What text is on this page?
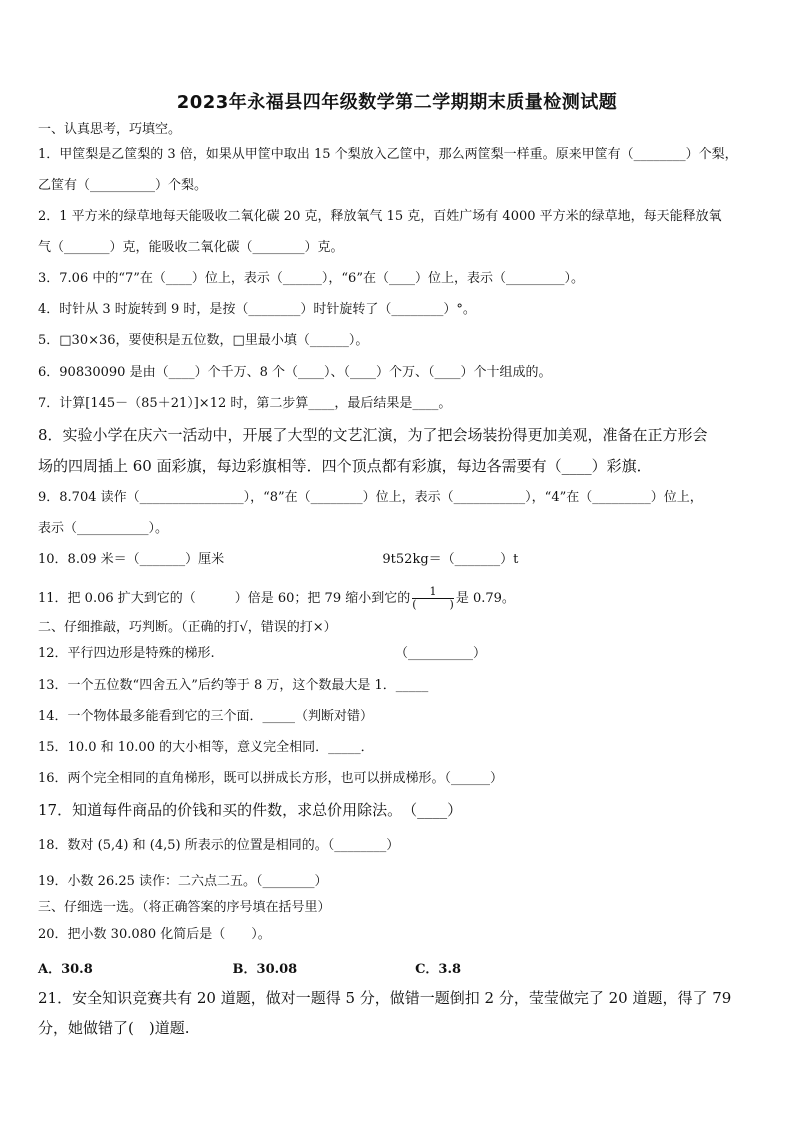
2023年永福县四年级数学第二学期期末质量检测试题
一、认真思考，巧填空。
1．甲筐梨是乙筐梨的 3 倍，如果从甲筐中取出 15 个梨放入乙筐中，那么两筐梨一样重。原来甲筐有（________）个梨，
乙筐有（__________）个梨。
2．1 平方米的绿草地每天能吸收二氧化碳 20 克，释放氧气 15 克，百姓广场有 4000 平方米的绿草地，每天能释放氧
气（_______）克，能吸收二氧化碳（________）克。
3．7.06 中的“7”在（____）位上，表示（______），“6”在（____）位上，表示（_________）。
4．时针从 3 时旋转到 9 时，是按（________）时针旋转了（________）°。
5．□30×36，要使积是五位数，□里最小填（______）。
6．90830090 是由（____）个千万、8 个（____）、（____）个万、（____）个十组成的。
7．计算[145－（85＋21）]×12 时，第二步算____，最后结果是____。
8．实验小学在庆六一活动中，开展了大型的文艺汇演，为了把会场装扮得更加美观，准备在正方形会
场的四周插上 60 面彩旗，每边彩旗相等．四个顶点都有彩旗，每边各需要有（____）彩旗．
9．8.704 读作（________________），“8”在（________）位上，表示（___________），“4”在（_________）位上，
表示（___________）。
10．8.09 米＝（_______）厘米	9t52kg＝（_______）t
11．把 0.06 扩大到它的（　　　）倍是 60；把 79 缩小到它的 $\frac{1}{( )}$ 是 0.79。
二、仔细推敲，巧判断。（正确的打√，错误的打×）
12．平行四边形是特殊的梯形.	（__________）
13．一个五位数“四舍五入”后约等于 8 万，这个数最大是 1．_____
14．一个物体最多能看到它的三个面．_____（判断对错）
15．10.0 和 10.00 的大小相等，意义完全相同．_____．
16．两个完全相同的直角梯形，既可以拼成长方形，也可以拼成梯形。（______）
17．知道每件商品的价钱和买的件数，求总价用除法。　（____）
18．数对 (5,4) 和 (4,5) 所表示的位置是相同的。（________）
19．小数 26.25 读作：二六点二五。（________）
三、仔细选一选。（将正确答案的序号填在括号里）
20．把小数 30.080 化简后是（　　）。
A．30.8	B．30.08	C．3.8
21．安全知识竞赛共有 20 道题，做对一题得 5 分，做错一题倒扣 2 分，莹莹做完了 20 道题，得了 79
分，她做错了(　)道题.
